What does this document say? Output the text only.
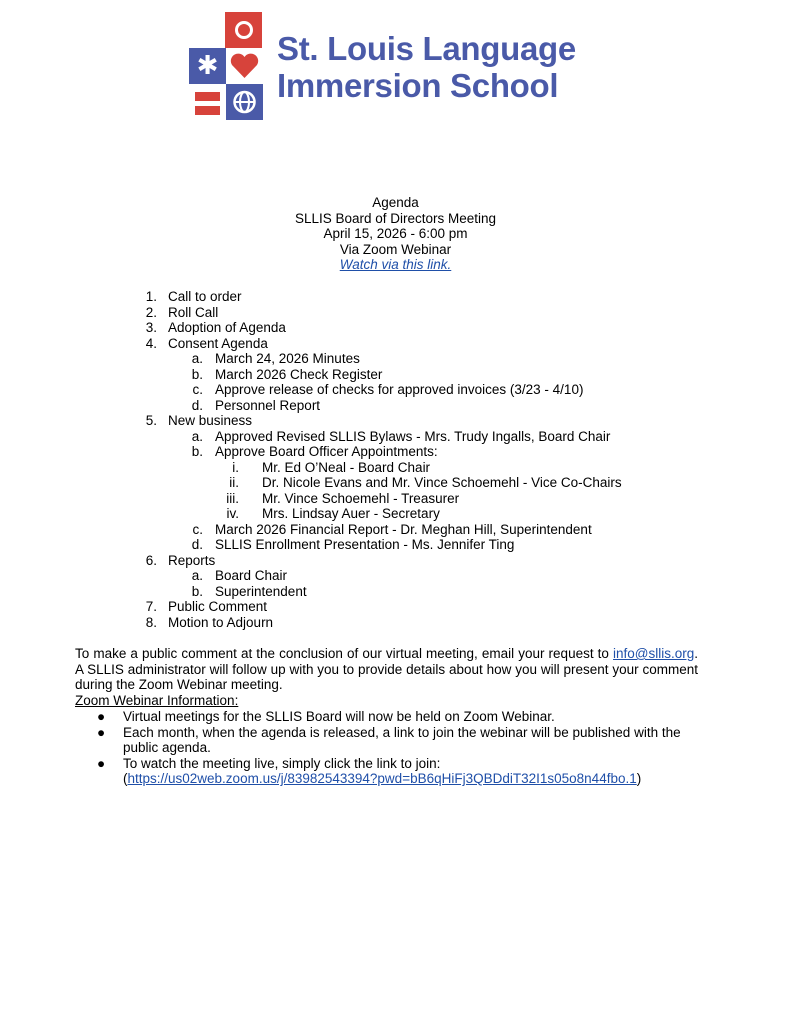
✱ St. Louis Language
Immersion School
Agenda
SLLIS Board of Directors Meeting
April 15, 2026 - 6:00 pm
Via Zoom Webinar
Watch via this link.
1. Call to order
2. Roll Call
3. Adoption of Agenda
4. Consent Agenda
a. March 24, 2026 Minutes
b. March 2026 Check Register
c. Approve release of checks for approved invoices (3/23 - 4/10)
d. Personnel Report
5. New business
a. Approved Revised SLLIS Bylaws - Mrs. Trudy Ingalls, Board Chair
b. Approve Board Officer Appointments:
i. Mr. Ed O’Neal - Board Chair
ii. Dr. Nicole Evans and Mr. Vince Schoemehl - Vice Co-Chairs
iii. Mr. Vince Schoemehl - Treasurer
iv. Mrs. Lindsay Auer - Secretary
c. March 2026 Financial Report - Dr. Meghan Hill, Superintendent
d. SLLIS Enrollment Presentation - Ms. Jennifer Ting
6. Reports
a. Board Chair
b. Superintendent
7. Public Comment
8. Motion to Adjourn
To make a public comment at the conclusion of our virtual meeting, email your request to info@sllis.org. A SLLIS administrator will follow up with you to provide details about how you will present your comment during the Zoom Webinar meeting.
Zoom Webinar Information:
● Virtual meetings for the SLLIS Board will now be held on Zoom Webinar.
● Each month, when the agenda is released, a link to join the webinar will be published with the public agenda.
● To watch the meeting live, simply click the link to join:
(https://us02web.zoom.us/j/83982543394?pwd=bB6qHiFj3QBDdiT32I1s05o8n44fbo.1)
